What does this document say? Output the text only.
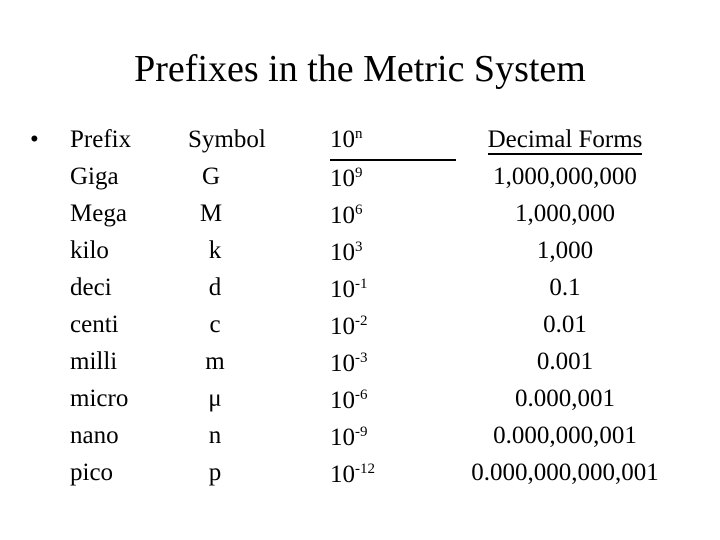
Prefixes in the Metric System
• Prefix
Giga
Mega
kilo
deci
centi
milli
micro
nano
pico
Symbol
G
M
k
d
c
m
μ
n
p
10$^n$
$10^9$
$10^6$
$10^3$
$10^{-1}$
$10^{-2}$
$10^{-3}$
$10^{-6}$
$10^{-9}$
$10^{-12}$
Decimal Forms
1,000,000,000
1,000,000
1,000
0.1
0.01
0.001
0.000,001
0.000,000,001
0.000,000,000,001
